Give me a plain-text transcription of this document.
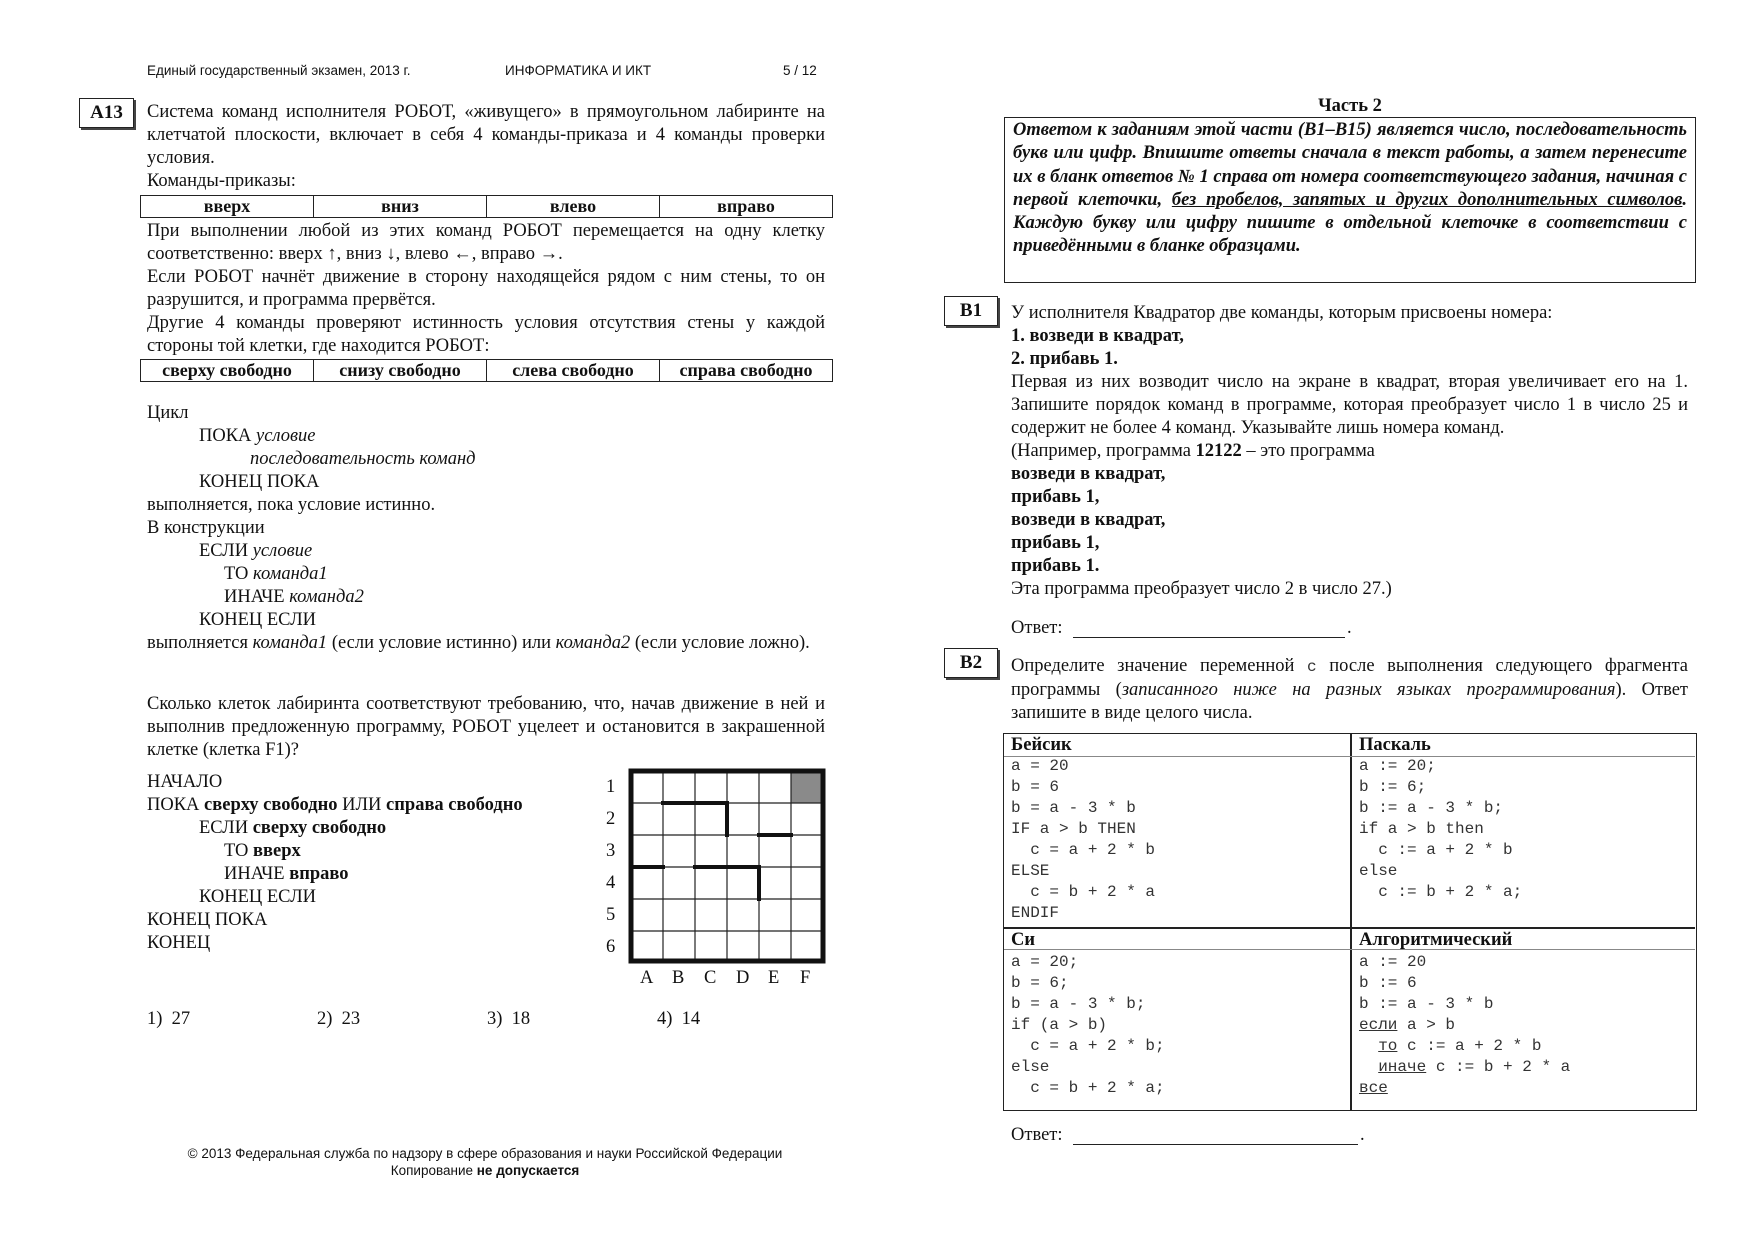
Единый государственный экзамен, 2013 г.	ИНФОРМАТИКА И ИКТ	5 / 12
A13	Система команд исполнителя РОБОТ, «живущего» в прямоугольном лабиринте на клетчатой плоскости, включает в себя 4 команды-приказа и 4 команды проверки условия.

Команды-приказы:

вверх	вниз	влево	вправо

При выполнении любой из этих команд РОБОТ перемещается на одну клетку соответственно: вверх ↑, вниз ↓, влево ←, вправо →.

Если РОБОТ начнёт движение в сторону находящейся рядом с ним стены, то он разрушится, и программа прервётся.

Другие 4 команды проверяют истинность условия отсутствия стены у каждой стороны той клетки, где находится РОБОТ:

сверху свободно	снизу свободно	слева свободно	справа свободно

Цикл

ПОКА условие

последовательность команд

КОНЕЦ ПОКА

выполняется, пока условие истинно.

В конструкции

ЕСЛИ условие

ТО команда1

ИНАЧЕ команда2

КОНЕЦ ЕСЛИ

выполняется команда1 (если условие истинно) или команда2 (если условие ложно).

Сколько клеток лабиринта соответствуют требованию, что, начав движение в ней и выполнив предложенную программу, РОБОТ уцелеет и остановится в закрашенной клетке (клетка F1)?

НАЧАЛО

ПОКА сверху свободно ИЛИ справа свободно

ЕСЛИ сверху свободно

ТО вверх

ИНАЧЕ вправо

КОНЕЦ ЕСЛИ

КОНЕЦ ПОКА

КОНЕЦ

1
2
3
4
5
6
A B C D E F
1) 27	2) 23	3) 18	4) 14
© 2013 Федеральная служба по надзору в сфере образования и науки Российской Федерации
Копирование не допускается
Часть 2

Ответом к заданиям этой части (B1–B15) является число, последовательность букв или цифр. Впишите ответы сначала в текст работы, а затем перенесите их в бланк ответов № 1 справа от номера соответствующего задания, начиная с первой клеточки, без пробелов, запятых и других дополнительных символов. Каждую букву или цифру пишите в отдельной клеточке в соответствии с приведёнными в бланке образцами.

B1	У исполнителя Квадратор две команды, которым присвоены номера:

1. возведи в квадрат,

2. прибавь 1.

Первая из них возводит число на экране в квадрат, вторая увеличивает его на 1. Запишите порядок команд в программе, которая преобразует число 1 в число 25 и содержит не более 4 команд. Указывайте лишь номера команд.

(Например, программа 12122 – это программа

возведи в квадрат,

прибавь 1,

возведи в квадрат,

прибавь 1,

прибавь 1.

Эта программа преобразует число 2 в число 27.)

Ответ:	.
B2	Определите значение переменной c после выполнения следующего фрагмента программы (записанного ниже на разных языках программирования). Ответ запишите в виде целого числа.

Бейсик
a = 20
b = 6
b = a - 3 * b
IF a > b THEN
c = a + 2 * b
ELSE
c = b + 2 * a
ENDIF
Паскаль
a := 20;
b := 6;
b := a - 3 * b;
if a > b then
c := a + 2 * b
else
c := b + 2 * a;
Си
a = 20;
b = 6;
b = a - 3 * b;
if (a > b)
c = a + 2 * b;
else
c = b + 2 * a;
Алгоритмический
a := 20
b := 6
b := a - 3 * b
если a > b
то c := a + 2 * b
иначе c := b + 2 * a
все
Ответ:	.
